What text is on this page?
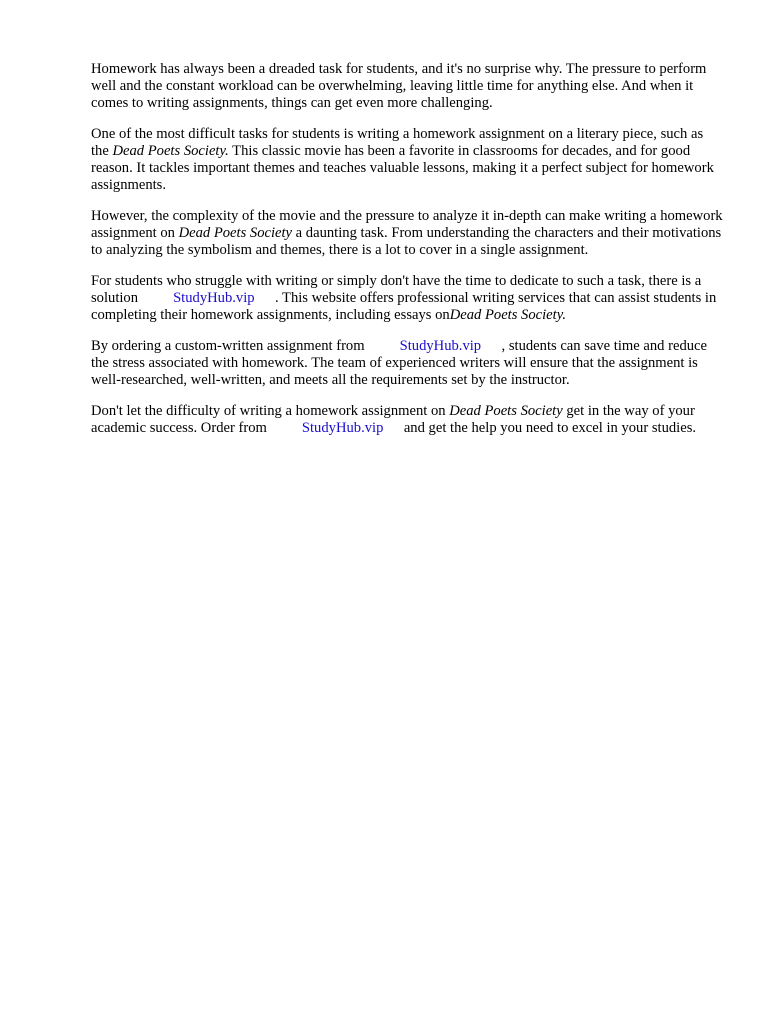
Homework has always been a dreaded task for students, and it's no surprise why. The pressure to perform well and the constant workload can be overwhelming, leaving little time for anything else. And when it comes to writing assignments, things can get even more challenging.

One of the most difficult tasks for students is writing a homework assignment on a literary piece, such as the Dead Poets Society. This classic movie has been a favorite in classrooms for decades, and for good reason. It tackles important themes and teaches valuable lessons, making it a perfect subject for homework assignments.

However, the complexity of the movie and the pressure to analyze it in-depth can make writing a homework assignment on Dead Poets Society a daunting task. From understanding the characters and their motivations to analyzing the symbolism and themes, there is a lot to cover in a single assignment.

For students who struggle with writing or simply don't have the time to dedicate to such a task, there is a solution StudyHub.vip . This website offers professional writing services that can assist students in completing their homework assignments, including essays onDead Poets Society.

By ordering a custom-written assignment from StudyHub.vip , students can save time and reduce the stress associated with homework. The team of experienced writers will ensure that the assignment is well-researched, well-written, and meets all the requirements set by the instructor.

Don't let the difficulty of writing a homework assignment on Dead Poets Society get in the way of your academic success. Order from StudyHub.vip and get the help you need to excel in your studies.
